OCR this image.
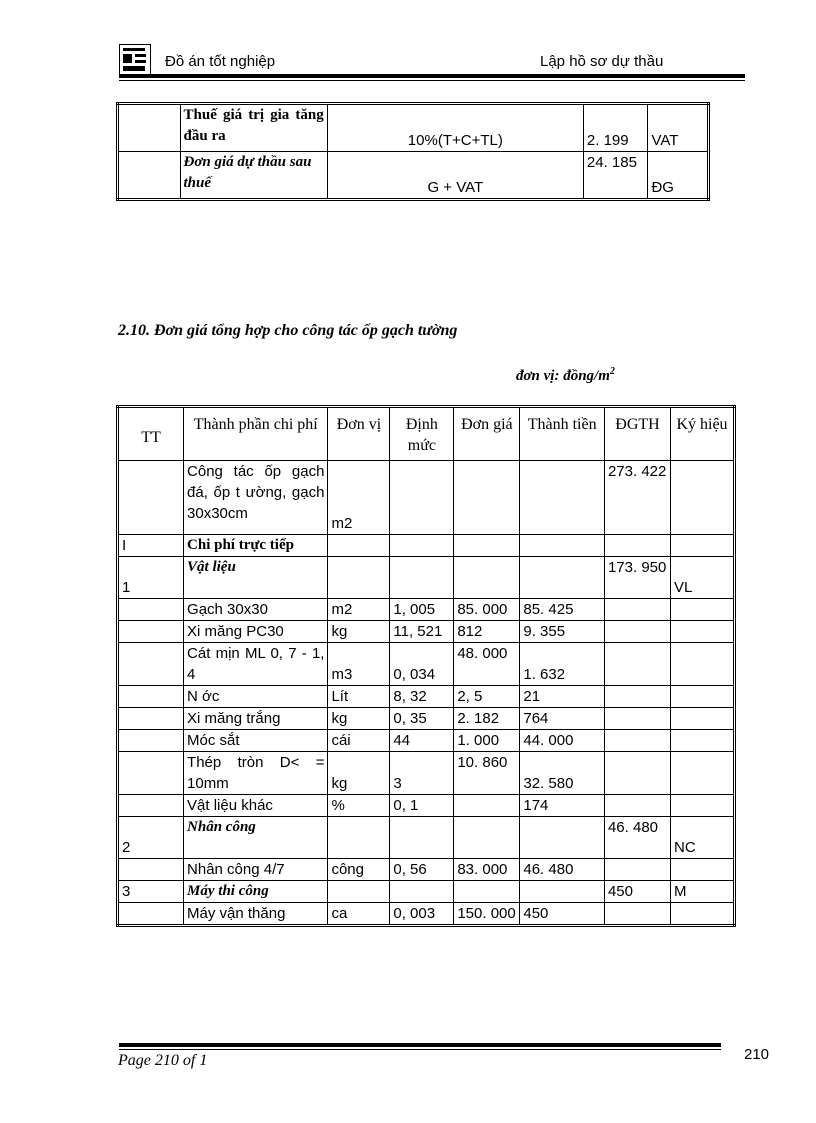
Đồ án tốt nghiệp	Lập hồ sơ dự thầu
	Thuế giá trị gia tăng đầu ra	10%(T+C+TL)	2. 199	VAT
	Đơn giá dự thầu sau thuế	G + VAT	24. 185	ĐG
2.10. Đơn giá tổng hợp cho công tác ốp gạch tường
đơn vị: đồng/$m^2$
TT	Thành phần chi phí	Đơn vị	Định mức	Đơn giá	Thành tiền	ĐGTH	Ký hiệu
	Công tác ốp gạch đá, ốp t ường, gạch 30x30cm	m2				273. 422	
I	Chi phí trực tiếp						
1	Vật liệu					173. 950	VL
	Gạch 30x30	m2	1, 005	85. 000	85. 425		
	Xi măng PC30	kg	11, 521	812	9. 355		
	Cát mịn ML 0, 7 - 1, 4	m3	0, 034	48. 000	1. 632		
	N ớc	Lít	8, 32	2, 5	21		
	Xi măng trắng	kg	0, 35	2. 182	764		
	Móc sắt	cái	44	1. 000	44. 000		
	Thép tròn D< = 10mm	kg	3	10. 860	32. 580		
	Vật liệu khác	%	0, 1		174		
2	Nhân công					46. 480	NC
	Nhân công 4/7	công	0, 56	83. 000	46. 480		
3	Máy thi công					450	M
	Máy vận thăng	ca	0, 003	150. 000	450		
Page 210 of 1	210
